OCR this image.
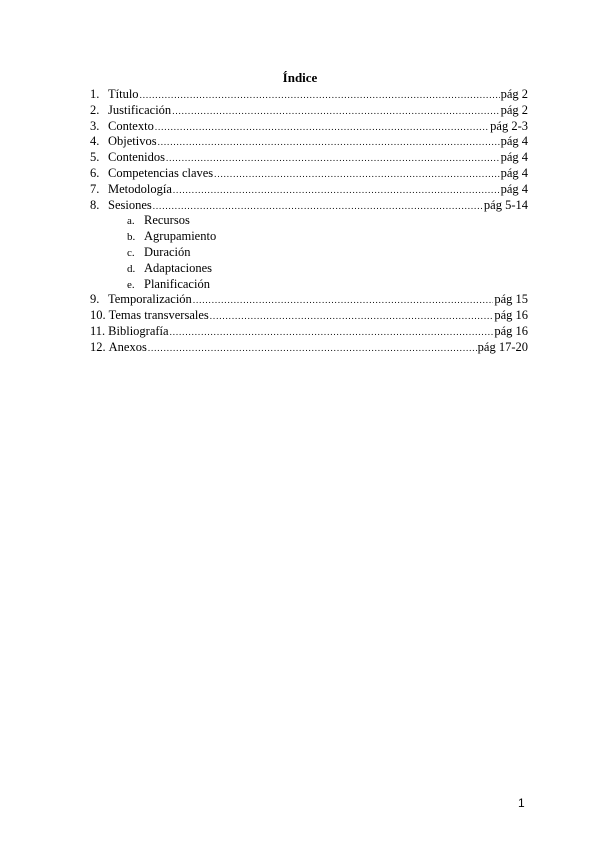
Índice
1. Título .....	pág 2
2. Justificación .....	pág 2
3. Contexto .....	pág 2-3
4. Objetivos .....	pág 4
5. Contenidos .....	pág 4
6. Competencias claves .....	pág 4
7. Metodología .....	pág 4
8. Sesiones .....	pág 5-14
a. Recursos
b. Agrupamiento
c. Duración
d. Adaptaciones
e. Planificación
9. Temporalización .....	pág 15
10. Temas transversales .....	pág 16
11. Bibliografía .....	pág 16
12. Anexos .....	pág 17-20
1
